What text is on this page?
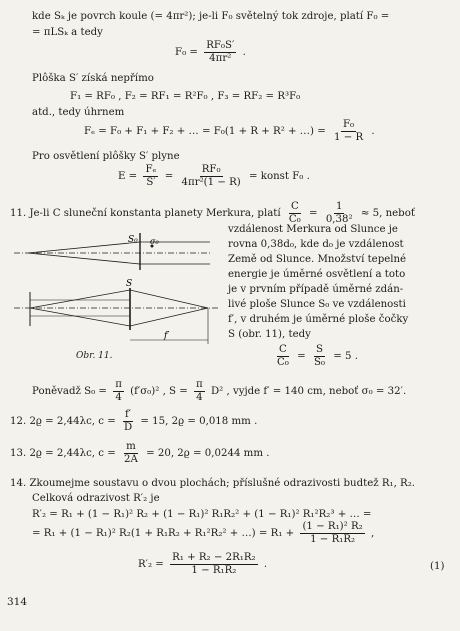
kde Sₖ je povrch koule (= 4πr²); je-li F₀ světelný tok zdroje, platí F₀ =
= πLSₖ a tedy
$F_0 = \frac{\text{RF₀S′}}{\text{4πr²}}$ .
Plôška S′ získá nepřímo
F₁ = RF₀ , F₂ = RF₁ = R²F₀ , F₃ = RF₂ = R³F₀
atd., tedy úhrnem
Fₑ = F₀ + F₁ + F₂ + … = F₀(1 + R + R² + …) = $\frac{\text{F₀}}{1 - R}$ .
Pro osvětlení plôšky S′ plyne
$E = \frac{\text{Fₑ}}{S'} = \frac{\text{RF₀}}{\text{4πr²(1 − R)}}$ = konst F₀ .
11. Je-li C sluneční konstanta planety Merkura, platí $\frac{C}{\text{C₀}} = \frac{1}{\text{0,38²}} \approx 5$, neboť
S₀ σ₀
S
f′
Obr. 11.
vzdálenost Merkura od Slunce je
rovna 0,38d₀, kde d₀ je vzdálenost
Země od Slunce. Množství tepelné
energie je úměrné osvětlení a toto
je v prvním případě úměrné zdán-
livé ploše Slunce S₀ ve vzdálenosti
f′, v druhém je úměrné ploše čočky
S (obr. 11), tedy
$\frac{C}{\text{C₀}} = \frac{S}{\text{S₀}} = 5$ .
Poněvadž $S_0 = \frac{\pi}{4} (f'\sigma_0)^2$ , $S = \frac{\pi}{4} D^2$ , vyjde f′ = 140 cm, neboť σ₀ = 32′.
12. 2ϱ = 2,44λc, $c = \frac{f'}{D} = 15$, 2ϱ = 0,018 mm .
13. 2ϱ = 2,44λc, $c = \frac{m}{2A} = 20$, 2ϱ = 0,0244 mm .
14. Zkoumejme soustavu o dvou plochách; příslušné odrazivosti budtež R₁, R₂.
Celková odrazivost R′₂ je
R′₂ = R₁ + (1 − R₁)² R₂ + (1 − R₁)² R₁R₂² + (1 − R₁)² R₁²R₂³ + … =
= R₁ + (1 − R₁)² R₂(1 + R₁R₂ + R₁²R₂² + …) = $R_1 + \frac{\text{(1 − R₁)² R₂}}{\text{1 − R₁R₂}}$ ,
$R'_2 = \frac{\text{R₁ + R₂ − 2R₁R₂}}{\text{1 − R₁R₂}}$ .	(1)
314
